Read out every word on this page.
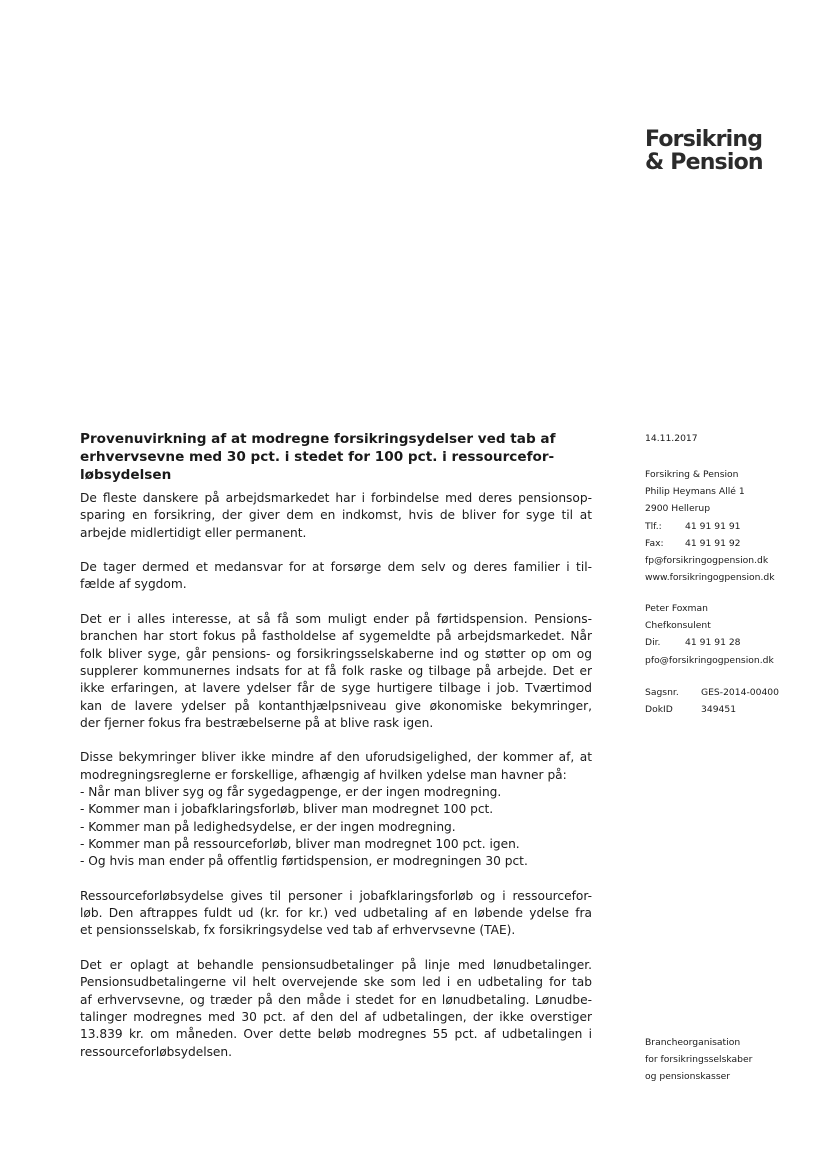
Forsikring
& Pension
Provenuvirkning af at modregne forsikringsydelser ved tab af
erhvervsevne med 30 pct. i stedet for 100 pct. i ressourcefor-
løbsydelsen

De fleste danskere på arbejdsmarkedet har i forbindelse med deres pensionsop-
sparing en forsikring, der giver dem en indkomst, hvis de bliver for syge til at
arbejde midlertidigt eller permanent.

De tager dermed et medansvar for at forsørge dem selv og deres familier i til-
fælde af sygdom.

Det er i alles interesse, at så få som muligt ender på førtidspension. Pensions-
branchen har stort fokus på fastholdelse af sygemeldte på arbejdsmarkedet. Når
folk bliver syge, går pensions- og forsikringsselskaberne ind og støtter op om og
supplerer kommunernes indsats for at få folk raske og tilbage på arbejde. Det er
ikke erfaringen, at lavere ydelser får de syge hurtigere tilbage i job. Tværtimod
kan de lavere ydelser på kontanthjælpsniveau give økonomiske bekymringer,
der fjerner fokus fra bestræbelserne på at blive rask igen.

Disse bekymringer bliver ikke mindre af den uforudsigelighed, der kommer af, at
modregningsreglerne er forskellige, afhængig af hvilken ydelse man havner på:
- Når man bliver syg og får sygedagpenge, er der ingen modregning.
- Kommer man i jobafklaringsforløb, bliver man modregnet 100 pct.
- Kommer man på ledighedsydelse, er der ingen modregning.
- Kommer man på ressourceforløb, bliver man modregnet 100 pct. igen.
- Og hvis man ender på offentlig førtidspension, er modregningen 30 pct.

Ressourceforløbsydelse gives til personer i jobafklaringsforløb og i ressourcefor-
løb. Den aftrappes fuldt ud (kr. for kr.) ved udbetaling af en løbende ydelse fra
et pensionsselskab, fx forsikringsydelse ved tab af erhvervsevne (TAE).

Det er oplagt at behandle pensionsudbetalinger på linje med lønudbetalinger.
Pensionsudbetalingerne vil helt overvejende ske som led i en udbetaling for tab
af erhvervsevne, og træder på den måde i stedet for en lønudbetaling. Lønudbe-
talinger modregnes med 30 pct. af den del af udbetalingen, der ikke overstiger
13.839 kr. om måneden. Over dette beløb modregnes 55 pct. af udbetalingen i
ressourceforløbsydelsen.

14.11.2017
Forsikring & Pension
Philip Heymans Allé 1
2900 Hellerup
Tlf.:	41 91 91 91
Fax: 41 91 91 92
fp@forsikringogpension.dk
www.forsikringogpension.dk
Peter Foxman
Chefkonsulent
Dir.	41 91 91 28
pfo@forsikringogpension.dk
Sagsnr. GES-2014-00400
DokID	349451
Brancheorganisation
for forsikringsselskaber
og pensionskasser
